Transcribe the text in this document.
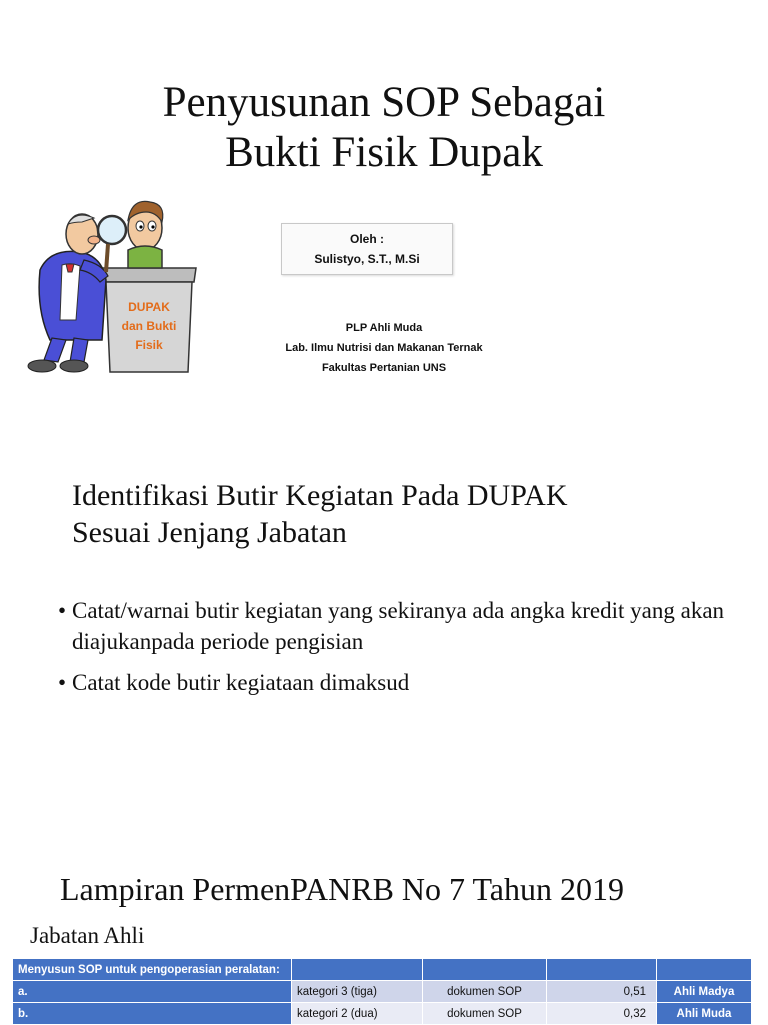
Penyusunan SOP Sebagai
Bukti Fisik Dupak
DUPAK
dan Bukti
Fisik
Oleh :
Sulistyo, S.T., M.Si
PLP Ahli Muda
Lab. Ilmu Nutrisi dan Makanan Ternak
Fakultas Pertanian UNS
Identifikasi Butir Kegiatan Pada DUPAK
Sesuai Jenjang Jabatan
• Catat/warnai butir kegiatan yang sekiranya ada angka kredit yang akan diajukanpada periode pengisian
• Catat kode butir kegiataan dimaksud
Lampiran PermenPANRB No 7 Tahun 2019
Jabatan Ahli
Menyusun SOP untuk pengoperasian peralatan:				
a.	kategori 3 (tiga)	dokumen SOP	0,51	Ahli Madya
b.	kategori 2 (dua)	dokumen SOP	0,32	Ahli Muda
